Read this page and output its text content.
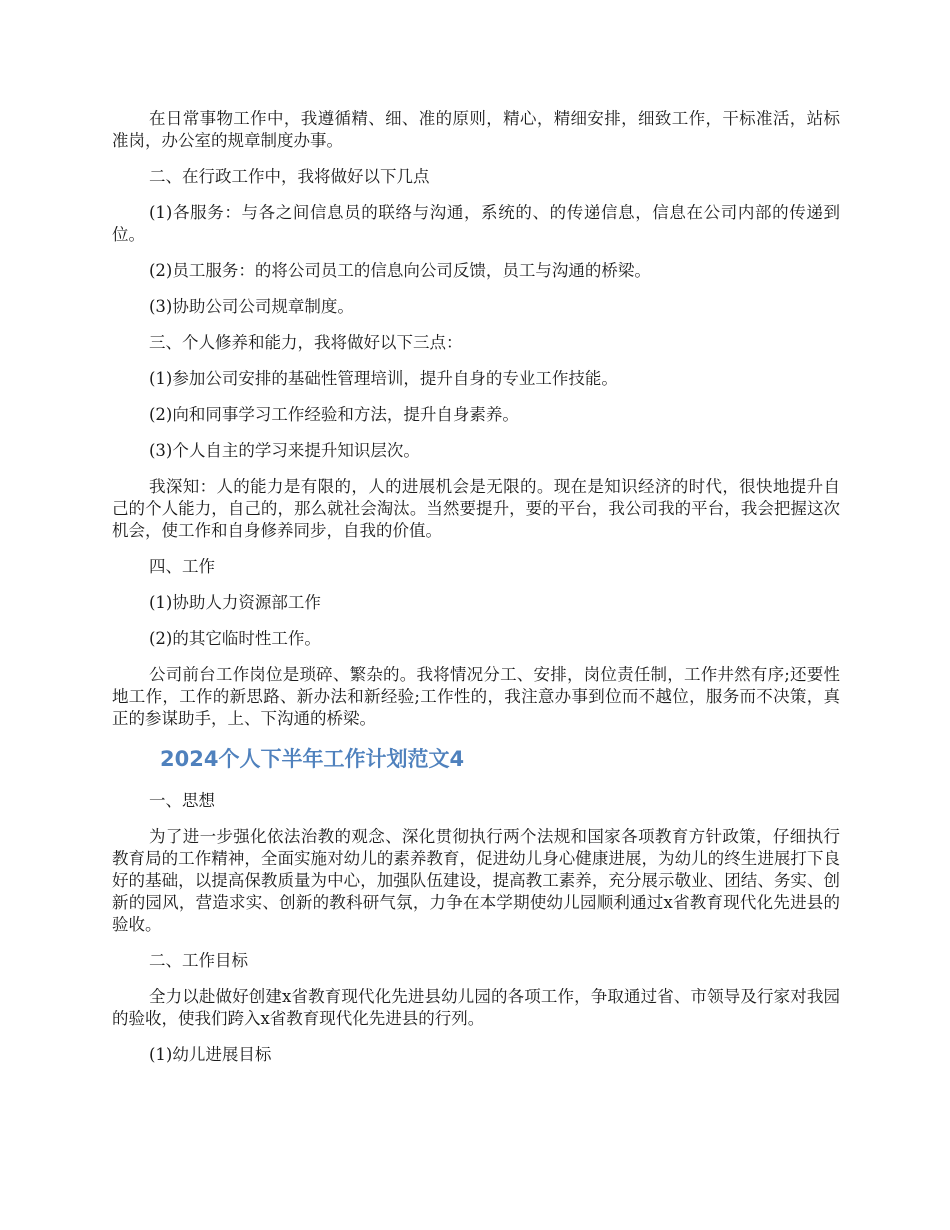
在日常事物工作中，我遵循精、细、准的原则，精心，精细安排，细致工作，干标准活，站标准岗，办公室的规章制度办事。

二、在行政工作中，我将做好以下几点

(1)各服务：与各之间信息员的联络与沟通，系统的、的传递信息，信息在公司内部的传递到位。

(2)员工服务：的将公司员工的信息向公司反馈，员工与沟通的桥梁。

(3)协助公司公司规章制度。

三、个人修养和能力，我将做好以下三点：

(1)参加公司安排的基础性管理培训，提升自身的专业工作技能。

(2)向和同事学习工作经验和方法，提升自身素养。

(3)个人自主的学习来提升知识层次。

我深知：人的能力是有限的，人的进展机会是无限的。现在是知识经济的时代，很快地提升自己的个人能力，自己的，那么就社会淘汰。当然要提升，要的平台，我公司我的平台，我会把握这次机会，使工作和自身修养同步，自我的价值。

四、工作

(1)协助人力资源部工作

(2)的其它临时性工作。

公司前台工作岗位是琐碎、繁杂的。我将情况分工、安排，岗位责任制，工作井然有序;还要性地工作，工作的新思路、新办法和新经验;工作性的，我注意办事到位而不越位，服务而不决策，真正的参谋助手，上、下沟通的桥梁。

2024个人下半年工作计划范文4

一、思想

为了进一步强化依法治教的观念、深化贯彻执行两个法规和国家各项教育方针政策，仔细执行教育局的工作精神，全面实施对幼儿的素养教育，促进幼儿身心健康进展，为幼儿的终生进展打下良好的基础，以提高保教质量为中心，加强队伍建设，提高教工素养，充分展示敬业、团结、务实、创新的园风，营造求实、创新的教科研气氛，力争在本学期使幼儿园顺利通过x省教育现代化先进县的验收。

二、工作目标

全力以赴做好创建x省教育现代化先进县幼儿园的各项工作，争取通过省、市领导及行家对我园的验收，使我们跨入x省教育现代化先进县的行列。

(1)幼儿进展目标
